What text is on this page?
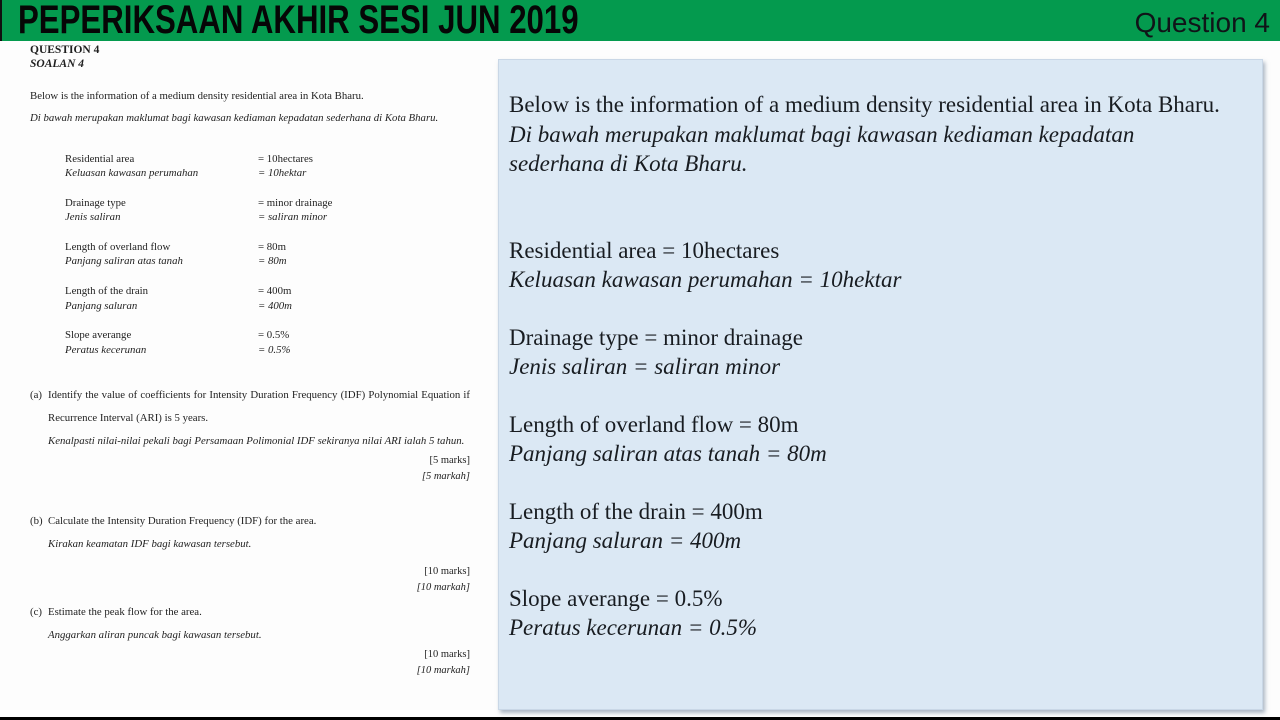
PEPERIKSAAN AKHIR SESI JUN 2019	Question 4
QUESTION 4
SOALAN 4
Below is the information of a medium density residential area in Kota Bharu.
Di bawah merupakan maklumat bagi kawasan kediaman kepadatan sederhana di Kota Bharu.
Residential area	= 10hectares
Keluasan kawasan perumahan	= 10hektar
Drainage type	= minor drainage
Jenis saliran	= saliran minor
Length of overland flow	= 80m
Panjang saliran atas tanah	= 80m
Length of the drain	= 400m
Panjang saluran	= 400m
Slope averange	= 0.5%
Peratus kecerunan	= 0.5%
(a) Identify the value of coefficients for Intensity Duration Frequency (IDF) Polynomial Equation if Recurrence Interval (ARI) is 5 years.
Kenalpasti nilai-nilai pekali bagi Persamaan Polimonial IDF sekiranya nilai ARI ialah 5 tahun.
[5 marks]
[5 markah]
(b) Calculate the Intensity Duration Frequency (IDF) for the area.
Kirakan keamatan IDF bagi kawasan tersebut.
[10 marks]
[10 markah]
(c) Estimate the peak flow for the area.
Anggarkan aliran puncak bagi kawasan tersebut.
[10 marks]
[10 markah]
Below is the information of a medium density residential area in Kota Bharu.
Di bawah merupakan maklumat bagi kawasan kediaman kepadatan sederhana di Kota Bharu.
Residential area = 10hectares
Keluasan kawasan perumahan = 10hektar
Drainage type = minor drainage
Jenis saliran = saliran minor
Length of overland flow = 80m
Panjang saliran atas tanah = 80m
Length of the drain = 400m
Panjang saluran = 400m
Slope averange = 0.5%
Peratus kecerunan = 0.5%
